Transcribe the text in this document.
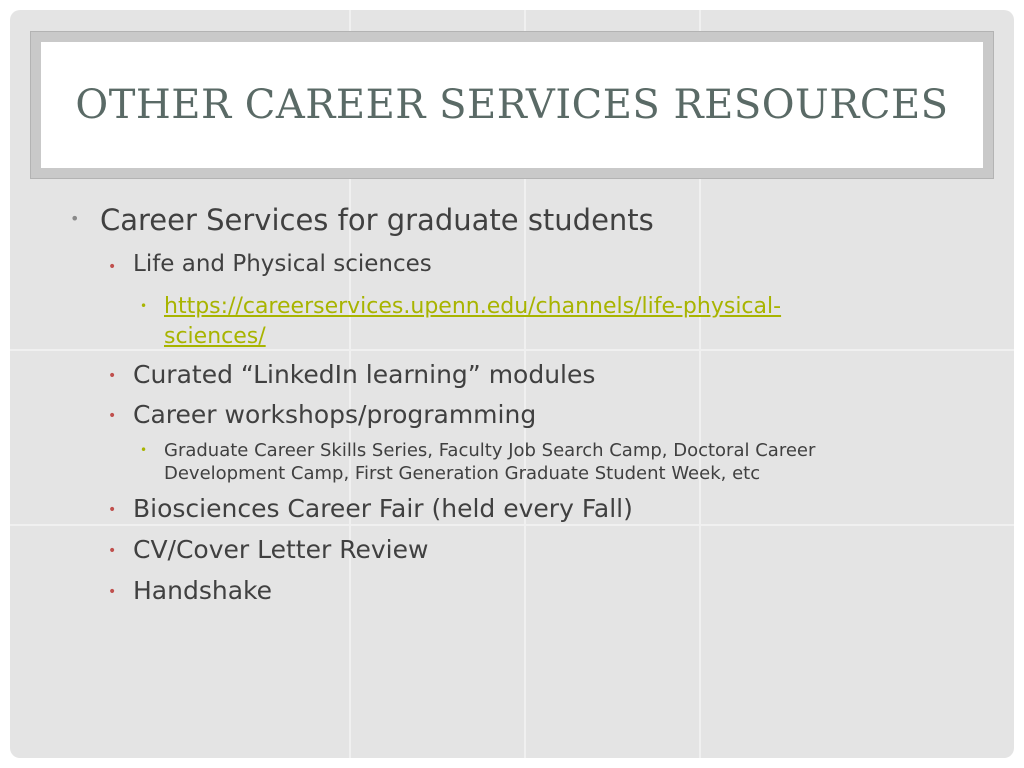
OTHER CAREER SERVICES RESOURCES
• Career Services for graduate students
• Life and Physical sciences
• https://careerservices.upenn.edu/channels/life-physical-
sciences/
• Curated “LinkedIn learning” modules
• Career workshops/programming
• Graduate Career Skills Series, Faculty Job Search Camp, Doctoral Career
Development Camp, First Generation Graduate Student Week, etc
• Biosciences Career Fair (held every Fall)
• CV/Cover Letter Review
• Handshake
